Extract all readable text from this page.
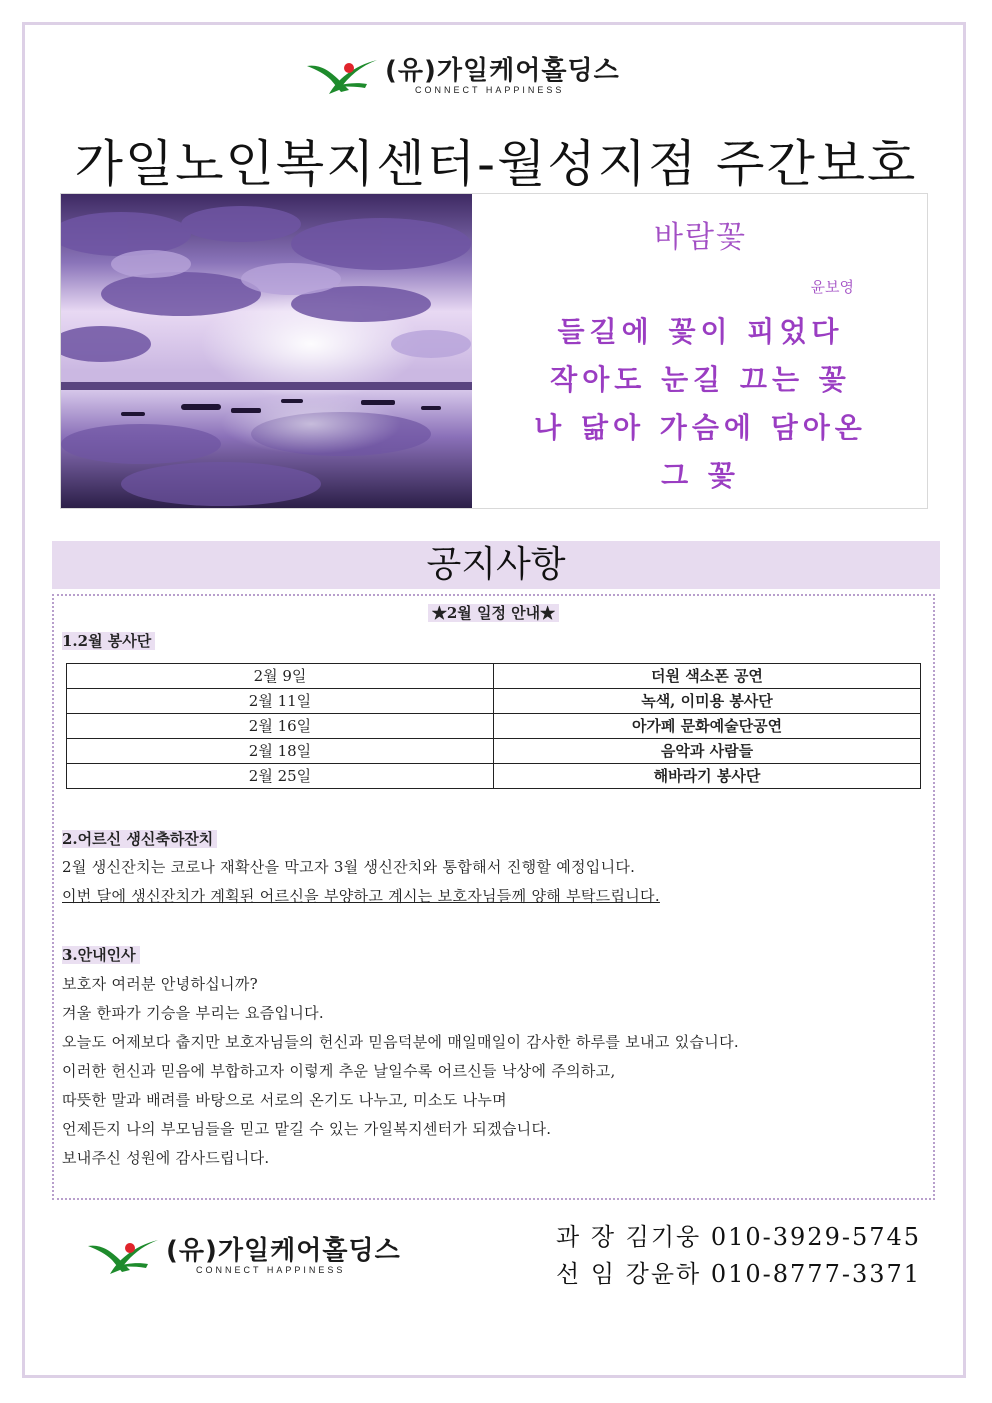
(유)가일케어홀딩스
CONNECT HAPPINESS
가일노인복지센터-월성지점 주간보호
바람꽃
윤보영
들길에 꽃이 피었다
작아도 눈길 끄는 꽃
나 닮아 가슴에 담아온
그 꽃
공지사항
★2월 일정 안내★
1.2월 봉사단
2월 9일	더원 색소폰 공연
2월 11일	녹색, 이미용 봉사단
2월 16일	아가페 문화예술단공연
2월 18일	음악과 사람들
2월 25일	해바라기 봉사단
2.어르신 생신축하잔치
2월 생신잔치는 코로나 재확산을 막고자 3월 생신잔치와 통합해서 진행할 예정입니다.
이번 달에 생신잔치가 계획된 어르신을 부양하고 계시는 보호자님들께 양해 부탁드립니다.
3.안내인사
보호자 여러분 안녕하십니까?
겨울 한파가 기승을 부리는 요즘입니다.
오늘도 어제보다 춥지만 보호자님들의 헌신과 믿음덕분에 매일매일이 감사한 하루를 보내고 있습니다.
이러한 헌신과 믿음에 부합하고자 이렇게 추운 날일수록 어르신들 낙상에 주의하고,
따뜻한 말과 배려를 바탕으로 서로의 온기도 나누고, 미소도 나누며
언제든지 나의 부모님들을 믿고 맡길 수 있는 가일복지센터가 되겠습니다.
보내주신 성원에 감사드립니다.
(유)가일케어홀딩스
CONNECT HAPPINESS
과 장 김기웅 010-3929-5745
선 임 강윤하 010-8777-3371
